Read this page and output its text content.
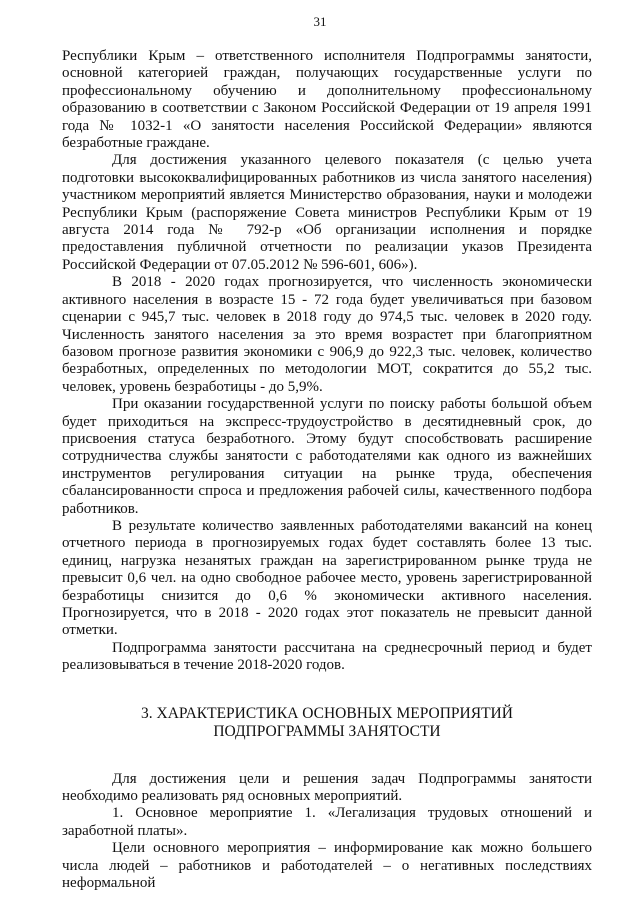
31

Республики Крым – ответственного исполнителя Подпрограммы занятости, основной категорией граждан, получающих государственные услуги по профессиональному обучению и дополнительному профессиональному образованию в соответствии с Законом Российской Федерации от 19 апреля 1991 года № 1032-1 «О занятости населения Российской Федерации» являются безработные граждане.

Для достижения указанного целевого показателя (с целью учета подготовки высококвалифицированных работников из числа занятого населения) участником мероприятий является Министерство образования, науки и молодежи Республики Крым (распоряжение Совета министров Республики Крым от 19 августа 2014 года № 792-р «Об организации исполнения и порядке предоставления публичной отчетности по реализации указов Президента Российской Федерации от 07.05.2012 № 596-601, 606»).

В 2018 - 2020 годах прогнозируется, что численность экономически активного населения в возрасте 15 - 72 года будет увеличиваться при базовом сценарии с 945,7 тыс. человек в 2018 году до 974,5 тыс. человек в 2020 году. Численность занятого населения за это время возрастет при благоприятном базовом прогнозе развития экономики с 906,9 до 922,3 тыс. человек, количество безработных, определенных по методологии МОТ, сократится до 55,2 тыс. человек, уровень безработицы - до 5,9%.

При оказании государственной услуги по поиску работы большой объем будет приходиться на экспресс-трудоустройство в десятидневный срок, до присвоения статуса безработного. Этому будут способствовать расширение сотрудничества службы занятости с работодателями как одного из важнейших инструментов регулирования ситуации на рынке труда, обеспечения сбалансированности спроса и предложения рабочей силы, качественного подбора работников.

В результате количество заявленных работодателями вакансий на конец отчетного периода в прогнозируемых годах будет составлять более 13 тыс. единиц, нагрузка незанятых граждан на зарегистрированном рынке труда не превысит 0,6 чел. на одно свободное рабочее место, уровень зарегистрированной безработицы снизится до 0,6 % экономически активного населения. Прогнозируется, что в 2018 - 2020 годах этот показатель не превысит данной отметки.

Подпрограмма занятости рассчитана на среднесрочный период и будет реализовываться в течение 2018-2020 годов.

3. ХАРАКТЕРИСТИКА ОСНОВНЫХ МЕРОПРИЯТИЙ
ПОДПРОГРАММЫ ЗАНЯТОСТИ

Для достижения цели и решения задач Подпрограммы занятости необходимо реализовать ряд основных мероприятий.

1. Основное мероприятие 1. «Легализация трудовых отношений и заработной платы».

Цели основного мероприятия – информирование как можно большего числа людей – работников и работодателей – о негативных последствиях неформальной
